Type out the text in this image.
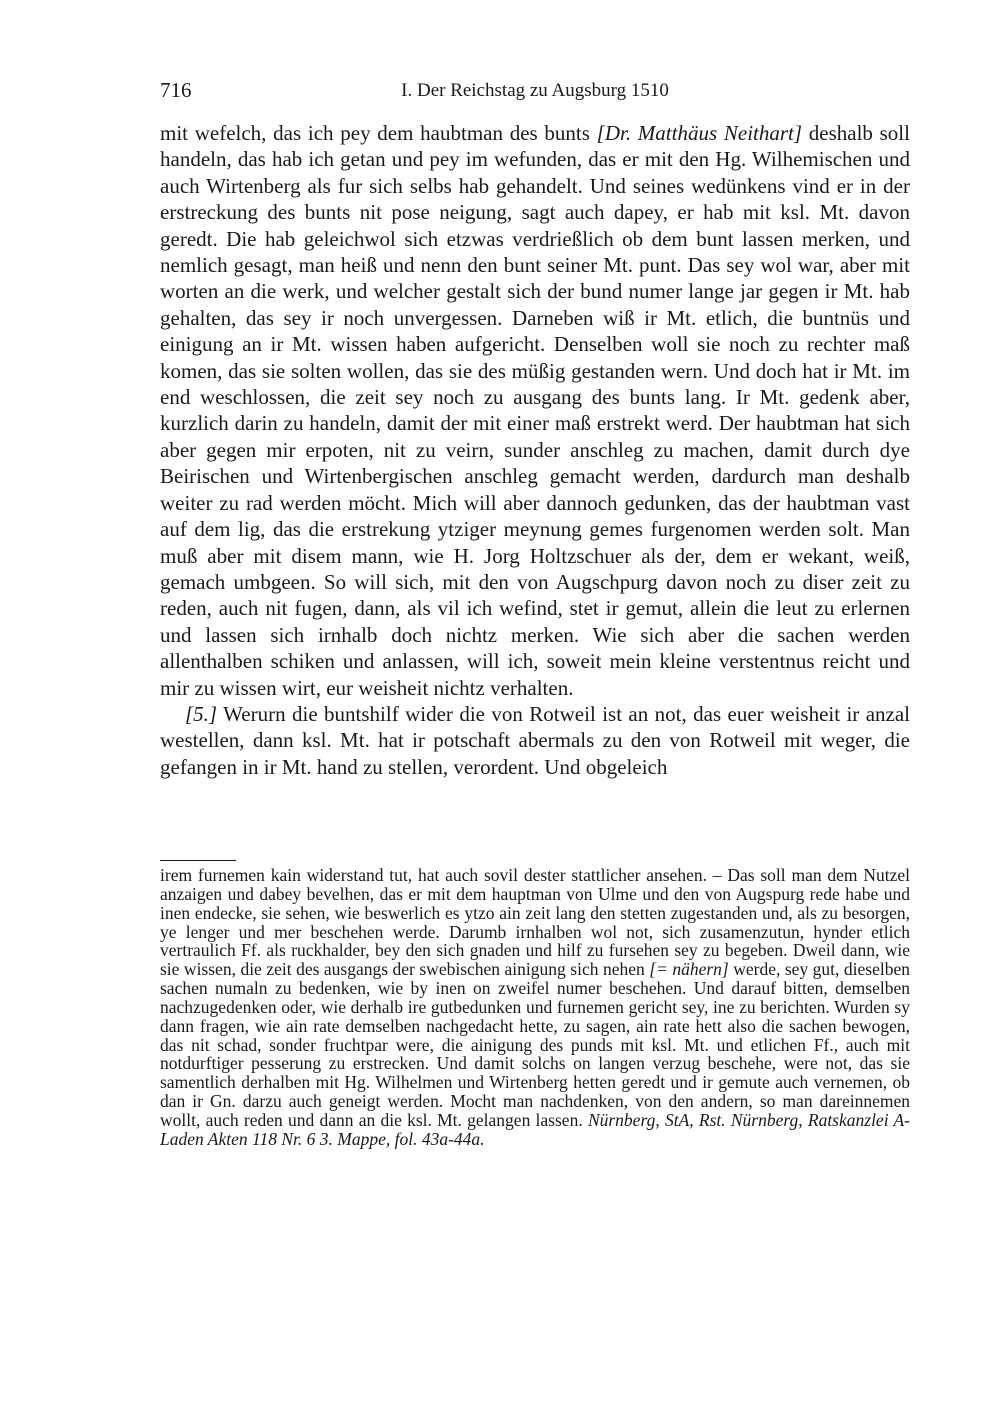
716	I. Der Reichstag zu Augsburg 1510

mit wefelch, das ich pey dem haubtman des bunts [Dr. Matthäus Neithart] deshalb soll handeln, das hab ich getan und pey im wefunden, das er mit den Hg. Wilhemischen und auch Wirtenberg als fur sich selbs hab gehandelt. Und seines wedünkens vind er in der erstreckung des bunts nit pose neigung, sagt auch dapey, er hab mit ksl. Mt. davon geredt. Die hab geleichwol sich etzwas verdrießlich ob dem bunt lassen merken, und nemlich gesagt, man heiß und nenn den bunt seiner Mt. punt. Das sey wol war, aber mit worten an die werk, und welcher gestalt sich der bund numer lange jar gegen ir Mt. hab gehalten, das sey ir noch unvergessen. Darneben wiß ir Mt. etlich, die buntnüs und einigung an ir Mt. wissen haben aufgericht. Denselben woll sie noch zu rechter maß komen, das sie solten wollen, das sie des müßig gestanden wern. Und doch hat ir Mt. im end weschlossen, die zeit sey noch zu ausgang des bunts lang. Ir Mt. gedenk aber, kurzlich darin zu handeln, damit der mit einer maß erstrekt werd. Der haubtman hat sich aber gegen mir erpoten, nit zu veirn, sunder anschleg zu machen, damit durch dye Beirischen und Wirtenbergischen anschleg gemacht werden, dardurch man deshalb weiter zu rad werden möcht. Mich will aber dannoch gedunken, das der haubtman vast auf dem lig, das die erstrekung ytziger meynung gemes furgenomen werden solt. Man muß aber mit disem mann, wie H. Jorg Holtzschuer als der, dem er wekant, weiß, gemach umbgeen. So will sich, mit den von Augschpurg davon noch zu diser zeit zu reden, auch nit fugen, dann, als vil ich wefind, stet ir gemut, allein die leut zu erlernen und lassen sich irnhalb doch nichtz merken. Wie sich aber die sachen werden allenthalben schiken und anlassen, will ich, soweit mein kleine verstentnus reicht und mir zu wissen wirt, eur weisheit nichtz verhalten.

[5.] Werurn die buntshilf wider die von Rotweil ist an not, das euer weisheit ir anzal westellen, dann ksl. Mt. hat ir potschaft abermals zu den von Rotweil mit weger, die gefangen in ir Mt. hand zu stellen, verordent. Und obgeleich

irem furnemen kain widerstand tut, hat auch sovil dester stattlicher ansehen. – Das soll man dem Nutzel anzaigen und dabey bevelhen, das er mit dem hauptman von Ulme und den von Augspurg rede habe und inen endecke, sie sehen, wie beswerlich es ytzo ain zeit lang den stetten zugestanden und, als zu besorgen, ye lenger und mer beschehen werde. Darumb irnhalben wol not, sich zusamenzutun, hynder etlich vertraulich Ff. als ruckhalder, bey den sich gnaden und hilf zu fursehen sey zu begeben. Dweil dann, wie sie wissen, die zeit des ausgangs der swebischen ainigung sich nehen [= nähern] werde, sey gut, dieselben sachen numaln zu bedenken, wie by inen on zweifel numer beschehen. Und darauf bitten, demselben nachzugedenken oder, wie derhalb ire gutbedunken und furnemen gericht sey, ine zu berichten. Wurden sy dann fragen, wie ain rate demselben nachgedacht hette, zu sagen, ain rate hett also die sachen bewogen, das nit schad, sonder fruchtpar were, die ainigung des punds mit ksl. Mt. und etlichen Ff., auch mit notdurftiger pesserung zu erstrecken. Und damit solchs on langen verzug beschehe, were not, das sie samentlich derhalben mit Hg. Wilhelmen und Wirtenberg hetten geredt und ir gemute auch vernemen, ob dan ir Gn. darzu auch geneigt werden. Mocht man nachdenken, von den andern, so man dareinnemen wollt, auch reden und dann an die ksl. Mt. gelangen lassen. Nürnberg, StA, Rst. Nürnberg, Ratskanzlei A-Laden Akten 118 Nr. 6 3. Mappe, fol. 43a-44a.
